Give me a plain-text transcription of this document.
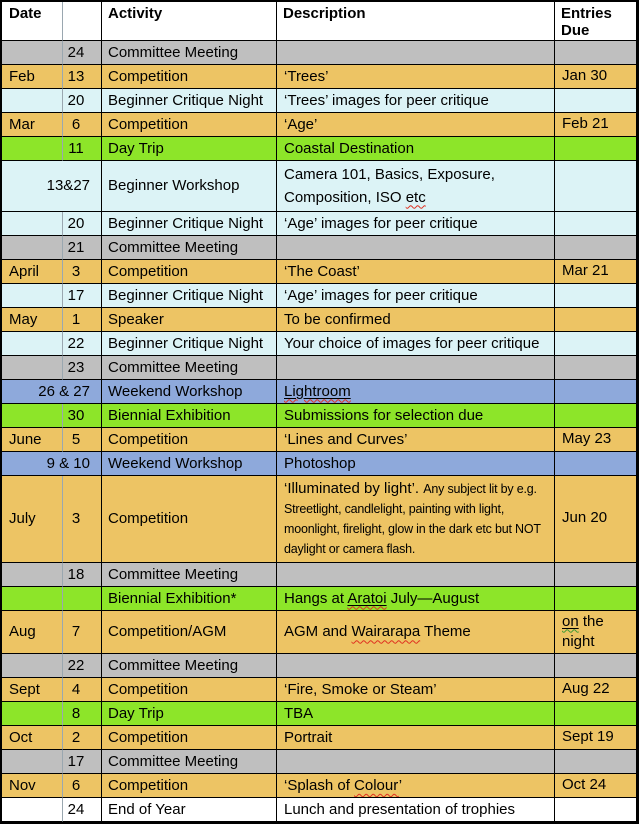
Date		Activity	Description	Entries Due
	24	Committee Meeting		
Feb	13	Competition	‘Trees’	Jan 30
	20	Beginner Critique Night	‘Trees’ images for peer critique	
Mar	6	Competition	‘Age’	Feb 21
	11	Day Trip	Coastal Destination	
13&27		Beginner Workshop	Camera 101, Basics, Exposure, Composition, ISO etc	
	20	Beginner Critique Night	‘Age’ images for peer critique	
	21	Committee Meeting		
April	3	Competition	‘The Coast’	Mar 21
	17	Beginner Critique Night	‘Age’ images for peer critique	
May	1	Speaker	To be confirmed	
	22	Beginner Critique Night	Your choice of images for peer critique	
	23	Committee Meeting		
26 & 27		Weekend Workshop	Lightroom	
	30	Biennial Exhibition	Submissions for selection due	
June	5	Competition	‘Lines and Curves’	May 23
9 & 10		Weekend Workshop	Photoshop	
July	3	Competition	‘Illuminated by light’. Any subject lit by e.g. Streetlight, candlelight, painting with light, moonlight, firelight, glow in the dark etc but NOT daylight or camera flash.	Jun 20
	18	Committee Meeting		
		Biennial Exhibition*	Hangs at Aratoi July—August	
Aug	7	Competition/AGM	AGM and Wairarapa Theme	on the night
	22	Committee Meeting		
Sept	4	Competition	‘Fire, Smoke or Steam’	Aug 22
	8	Day Trip	TBA	
Oct	2	Competition	Portrait	Sept 19
	17	Committee Meeting		
Nov	6	Competition	‘Splash of Colour’	Oct 24
	24	End of Year	Lunch and presentation of trophies	
